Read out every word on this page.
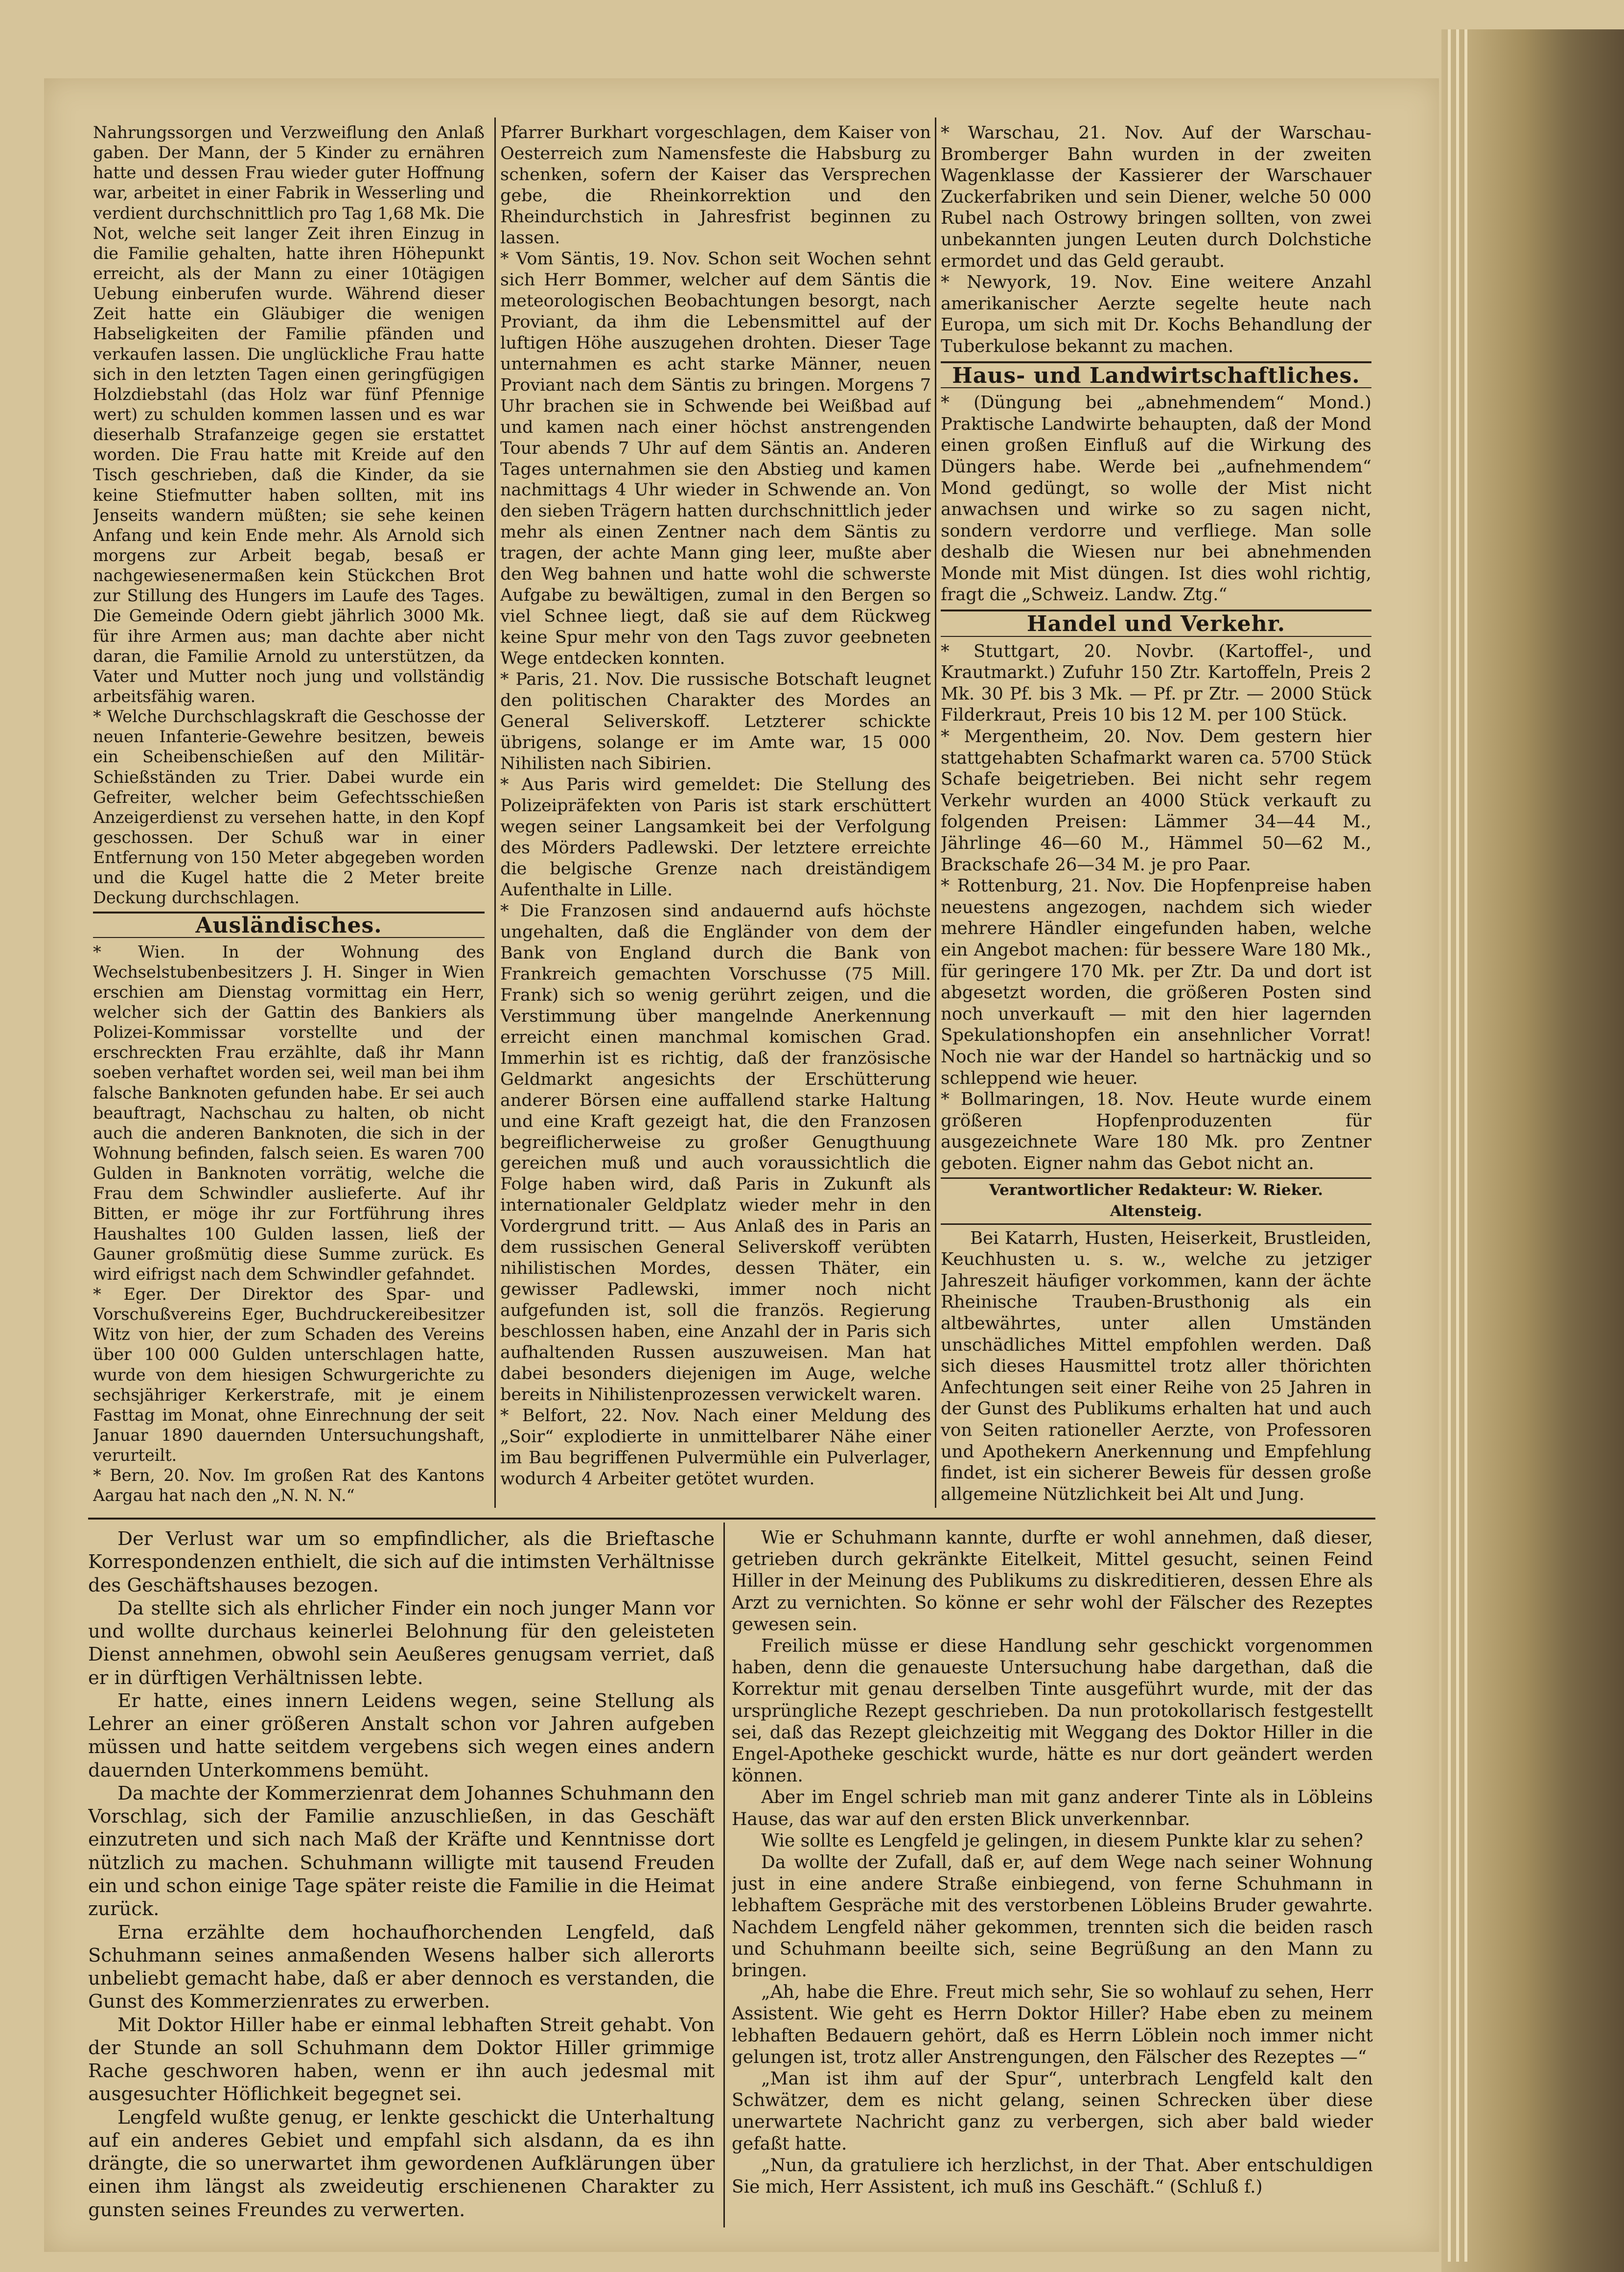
Nahrungssorgen und Verzweiflung den Anlaß gaben. Der Mann, der 5 Kinder zu ernähren hatte und dessen Frau wieder guter Hoffnung war, arbeitet in einer Fabrik in Wesserling und verdient durchschnittlich pro Tag 1,68 Mk. Die Not, welche seit langer Zeit ihren Einzug in die Familie gehalten, hatte ihren Höhepunkt erreicht, als der Mann zu einer 10tägigen Uebung einberufen wurde. Während dieser Zeit hatte ein Gläubiger die wenigen Habseligkeiten der Familie pfänden und verkaufen lassen. Die unglückliche Frau hatte sich in den letzten Tagen einen geringfügigen Holzdiebstahl (das Holz war fünf Pfennige wert) zu schulden kommen lassen und es war dieserhalb Strafanzeige gegen sie erstattet worden. Die Frau hatte mit Kreide auf den Tisch geschrieben, daß die Kinder, da sie keine Stiefmutter haben sollten, mit ins Jenseits wandern müßten; sie sehe keinen Anfang und kein Ende mehr. Als Arnold sich morgens zur Arbeit begab, besaß er nachgewiesenermaßen kein Stückchen Brot zur Stillung des Hungers im Laufe des Tages. Die Gemeinde Odern giebt jährlich 3000 Mk. für ihre Armen aus; man dachte aber nicht daran, die Familie Arnold zu unterstützen, da Vater und Mutter noch jung und vollständig arbeitsfähig waren.

* Welche Durchschlagskraft die Geschosse der neuen Infanterie-Gewehre besitzen, beweis ein Scheibenschießen auf den Militär-Schießständen zu Trier. Dabei wurde ein Gefreiter, welcher beim Gefechtsschießen Anzeigerdienst zu versehen hatte, in den Kopf geschossen. Der Schuß war in einer Entfernung von 150 Meter abgegeben worden und die Kugel hatte die 2 Meter breite Deckung durchschlagen.

Ausländisches.

* Wien. In der Wohnung des Wechselstubenbesitzers J. H. Singer in Wien erschien am Dienstag vormittag ein Herr, welcher sich der Gattin des Bankiers als Polizei-Kommissar vorstellte und der erschreckten Frau erzählte, daß ihr Mann soeben verhaftet worden sei, weil man bei ihm falsche Banknoten gefunden habe. Er sei auch beauftragt, Nachschau zu halten, ob nicht auch die anderen Banknoten, die sich in der Wohnung befinden, falsch seien. Es waren 700 Gulden in Banknoten vorrätig, welche die Frau dem Schwindler auslieferte. Auf ihr Bitten, er möge ihr zur Fortführung ihres Haushaltes 100 Gulden lassen, ließ der Gauner großmütig diese Summe zurück. Es wird eifrigst nach dem Schwindler gefahndet.

* Eger. Der Direktor des Spar- und Vorschußvereins Eger, Buchdruckereibesitzer Witz von hier, der zum Schaden des Vereins über 100 000 Gulden unterschlagen hatte, wurde von dem hiesigen Schwurgerichte zu sechsjähriger Kerkerstrafe, mit je einem Fasttag im Monat, ohne Einrechnung der seit Januar 1890 dauernden Untersuchungshaft, verurteilt.

* Bern, 20. Nov. Im großen Rat des Kantons Aargau hat nach den „N. N. N.“

Pfarrer Burkhart vorgeschlagen, dem Kaiser von Oesterreich zum Namensfeste die Habsburg zu schenken, sofern der Kaiser das Versprechen gebe, die Rheinkorrektion und den Rheindurchstich in Jahresfrist beginnen zu lassen.

* Vom Säntis, 19. Nov. Schon seit Wochen sehnt sich Herr Bommer, welcher auf dem Säntis die meteorologischen Beobachtungen besorgt, nach Proviant, da ihm die Lebensmittel auf der luftigen Höhe auszugehen drohten. Dieser Tage unternahmen es acht starke Männer, neuen Proviant nach dem Säntis zu bringen. Morgens 7 Uhr brachen sie in Schwende bei Weißbad auf und kamen nach einer höchst anstrengenden Tour abends 7 Uhr auf dem Säntis an. Anderen Tages unternahmen sie den Abstieg und kamen nachmittags 4 Uhr wieder in Schwende an. Von den sieben Trägern hatten durchschnittlich jeder mehr als einen Zentner nach dem Säntis zu tragen, der achte Mann ging leer, mußte aber den Weg bahnen und hatte wohl die schwerste Aufgabe zu bewältigen, zumal in den Bergen so viel Schnee liegt, daß sie auf dem Rückweg keine Spur mehr von den Tags zuvor geebneten Wege entdecken konnten.

* Paris, 21. Nov. Die russische Botschaft leugnet den politischen Charakter des Mordes an General Seliverskoff. Letzterer schickte übrigens, solange er im Amte war, 15 000 Nihilisten nach Sibirien.

* Aus Paris wird gemeldet: Die Stellung des Polizeipräfekten von Paris ist stark erschüttert wegen seiner Langsamkeit bei der Verfolgung des Mörders Padlewski. Der letztere erreichte die belgische Grenze nach dreiständigem Aufenthalte in Lille.

* Die Franzosen sind andauernd aufs höchste ungehalten, daß die Engländer von dem der Bank von England durch die Bank von Frankreich gemachten Vorschusse (75 Mill. Frank) sich so wenig gerührt zeigen, und die Verstimmung über mangelnde Anerkennung erreicht einen manchmal komischen Grad. Immerhin ist es richtig, daß der französische Geldmarkt angesichts der Erschütterung anderer Börsen eine auffallend starke Haltung und eine Kraft gezeigt hat, die den Franzosen begreiflicherweise zu großer Genugthuung gereichen muß und auch voraussichtlich die Folge haben wird, daß Paris in Zukunft als internationaler Geldplatz wieder mehr in den Vordergrund tritt. — Aus Anlaß des in Paris an dem russischen General Seliverskoff verübten nihilistischen Mordes, dessen Thäter, ein gewisser Padlewski, immer noch nicht aufgefunden ist, soll die französ. Regierung beschlossen haben, eine Anzahl der in Paris sich aufhaltenden Russen auszuweisen. Man hat dabei besonders diejenigen im Auge, welche bereits in Nihilistenprozessen verwickelt waren.

* Belfort, 22. Nov. Nach einer Meldung des „Soir“ explodierte in unmittelbarer Nähe einer im Bau begriffenen Pulvermühle ein Pulverlager, wodurch 4 Arbeiter getötet wurden.

* Warschau, 21. Nov. Auf der Warschau-Bromberger Bahn wurden in der zweiten Wagenklasse der Kassierer der Warschauer Zuckerfabriken und sein Diener, welche 50 000 Rubel nach Ostrowy bringen sollten, von zwei unbekannten jungen Leuten durch Dolchstiche ermordet und das Geld geraubt.

* Newyork, 19. Nov. Eine weitere Anzahl amerikanischer Aerzte segelte heute nach Europa, um sich mit Dr. Kochs Behandlung der Tuberkulose bekannt zu machen.

Haus- und Landwirtschaftliches.

* (Düngung bei „abnehmendem“ Mond.) Praktische Landwirte behaupten, daß der Mond einen großen Einfluß auf die Wirkung des Düngers habe. Werde bei „aufnehmendem“ Mond gedüngt, so wolle der Mist nicht anwachsen und wirke so zu sagen nicht, sondern verdorre und verfliege. Man solle deshalb die Wiesen nur bei abnehmenden Monde mit Mist düngen. Ist dies wohl richtig, fragt die „Schweiz. Landw. Ztg.“

Handel und Verkehr.

* Stuttgart, 20. Novbr. (Kartoffel-, und Krautmarkt.) Zufuhr 150 Ztr. Kartoffeln, Preis 2 Mk. 30 Pf. bis 3 Mk. — Pf. pr Ztr. — 2000 Stück Filderkraut, Preis 10 bis 12 M. per 100 Stück.

* Mergentheim, 20. Nov. Dem gestern hier stattgehabten Schafmarkt waren ca. 5700 Stück Schafe beigetrieben. Bei nicht sehr regem Verkehr wurden an 4000 Stück verkauft zu folgenden Preisen: Lämmer 34—44 M., Jährlinge 46—60 M., Hämmel 50—62 M., Brackschafe 26—34 M. je pro Paar.

* Rottenburg, 21. Nov. Die Hopfenpreise haben neuestens angezogen, nachdem sich wieder mehrere Händler eingefunden haben, welche ein Angebot machen: für bessere Ware 180 Mk., für geringere 170 Mk. per Ztr. Da und dort ist abgesetzt worden, die größeren Posten sind noch unverkauft — mit den hier lagernden Spekulationshopfen ein ansehnlicher Vorrat! Noch nie war der Handel so hartnäckig und so schleppend wie heuer.

* Bollmaringen, 18. Nov. Heute wurde einem größeren Hopfenproduzenten für ausgezeichnete Ware 180 Mk. pro Zentner geboten. Eigner nahm das Gebot nicht an.

Verantwortlicher Redakteur: W. Rieker. Altensteig.

Bei Katarrh, Husten, Heiserkeit, Brustleiden, Keuchhusten u. s. w., welche zu jetziger Jahreszeit häufiger vorkommen, kann der ächte Rheinische Trauben-Brusthonig als ein altbewährtes, unter allen Umständen unschädliches Mittel empfohlen werden. Daß sich dieses Hausmittel trotz aller thörichten Anfechtungen seit einer Reihe von 25 Jahren in der Gunst des Publikums erhalten hat und auch von Seiten rationeller Aerzte, von Professoren und Apothekern Anerkennung und Empfehlung findet, ist ein sicherer Beweis für dessen große allgemeine Nützlichkeit bei Alt und Jung.

Der Verlust war um so empfindlicher, als die Brieftasche Korrespondenzen enthielt, die sich auf die intimsten Verhältnisse des Geschäftshauses bezogen.

Da stellte sich als ehrlicher Finder ein noch junger Mann vor und wollte durchaus keinerlei Belohnung für den geleisteten Dienst annehmen, obwohl sein Aeußeres genugsam verriet, daß er in dürftigen Verhältnissen lebte.

Er hatte, eines innern Leidens wegen, seine Stellung als Lehrer an einer größeren Anstalt schon vor Jahren aufgeben müssen und hatte seitdem vergebens sich wegen eines andern dauernden Unterkommens bemüht.

Da machte der Kommerzienrat dem Johannes Schuhmann den Vorschlag, sich der Familie anzuschließen, in das Geschäft einzutreten und sich nach Maß der Kräfte und Kenntnisse dort nützlich zu machen. Schuhmann willigte mit tausend Freuden ein und schon einige Tage später reiste die Familie in die Heimat zurück.

Erna erzählte dem hochaufhorchenden Lengfeld, daß Schuhmann seines anmaßenden Wesens halber sich allerorts unbeliebt gemacht habe, daß er aber dennoch es verstanden, die Gunst des Kommerzienrates zu erwerben.

Mit Doktor Hiller habe er einmal lebhaften Streit gehabt. Von der Stunde an soll Schuhmann dem Doktor Hiller grimmige Rache geschworen haben, wenn er ihn auch jedesmal mit ausgesuchter Höflichkeit begegnet sei.

Lengfeld wußte genug, er lenkte geschickt die Unterhaltung auf ein anderes Gebiet und empfahl sich alsdann, da es ihn drängte, die so unerwartet ihm gewordenen Aufklärungen über einen ihm längst als zweideutig erschienenen Charakter zu gunsten seines Freundes zu verwerten.

Wie er Schuhmann kannte, durfte er wohl annehmen, daß dieser, getrieben durch gekränkte Eitelkeit, Mittel gesucht, seinen Feind Hiller in der Meinung des Publikums zu diskreditieren, dessen Ehre als Arzt zu vernichten. So könne er sehr wohl der Fälscher des Rezeptes gewesen sein.

Freilich müsse er diese Handlung sehr geschickt vorgenommen haben, denn die genaueste Untersuchung habe dargethan, daß die Korrektur mit genau derselben Tinte ausgeführt wurde, mit der das ursprüngliche Rezept geschrieben. Da nun protokollarisch festgestellt sei, daß das Rezept gleichzeitig mit Weggang des Doktor Hiller in die Engel-Apotheke geschickt wurde, hätte es nur dort geändert werden können.

Aber im Engel schrieb man mit ganz anderer Tinte als in Löbleins Hause, das war auf den ersten Blick unverkennbar.

Wie sollte es Lengfeld je gelingen, in diesem Punkte klar zu sehen?

Da wollte der Zufall, daß er, auf dem Wege nach seiner Wohnung just in eine andere Straße einbiegend, von ferne Schuhmann in lebhaftem Gespräche mit des verstorbenen Löbleins Bruder gewahrte. Nachdem Lengfeld näher gekommen, trennten sich die beiden rasch und Schuhmann beeilte sich, seine Begrüßung an den Mann zu bringen.

„Ah, habe die Ehre. Freut mich sehr, Sie so wohlauf zu sehen, Herr Assistent. Wie geht es Herrn Doktor Hiller? Habe eben zu meinem lebhaften Bedauern gehört, daß es Herrn Löblein noch immer nicht gelungen ist, trotz aller Anstrengungen, den Fälscher des Rezeptes —“

„Man ist ihm auf der Spur“, unterbrach Lengfeld kalt den Schwätzer, dem es nicht gelang, seinen Schrecken über diese unerwartete Nachricht ganz zu verbergen, sich aber bald wieder gefaßt hatte.

„Nun, da gratuliere ich herzlichst, in der That. Aber entschuldigen Sie mich, Herr Assistent, ich muß ins Geschäft.“ (Schluß f.)
